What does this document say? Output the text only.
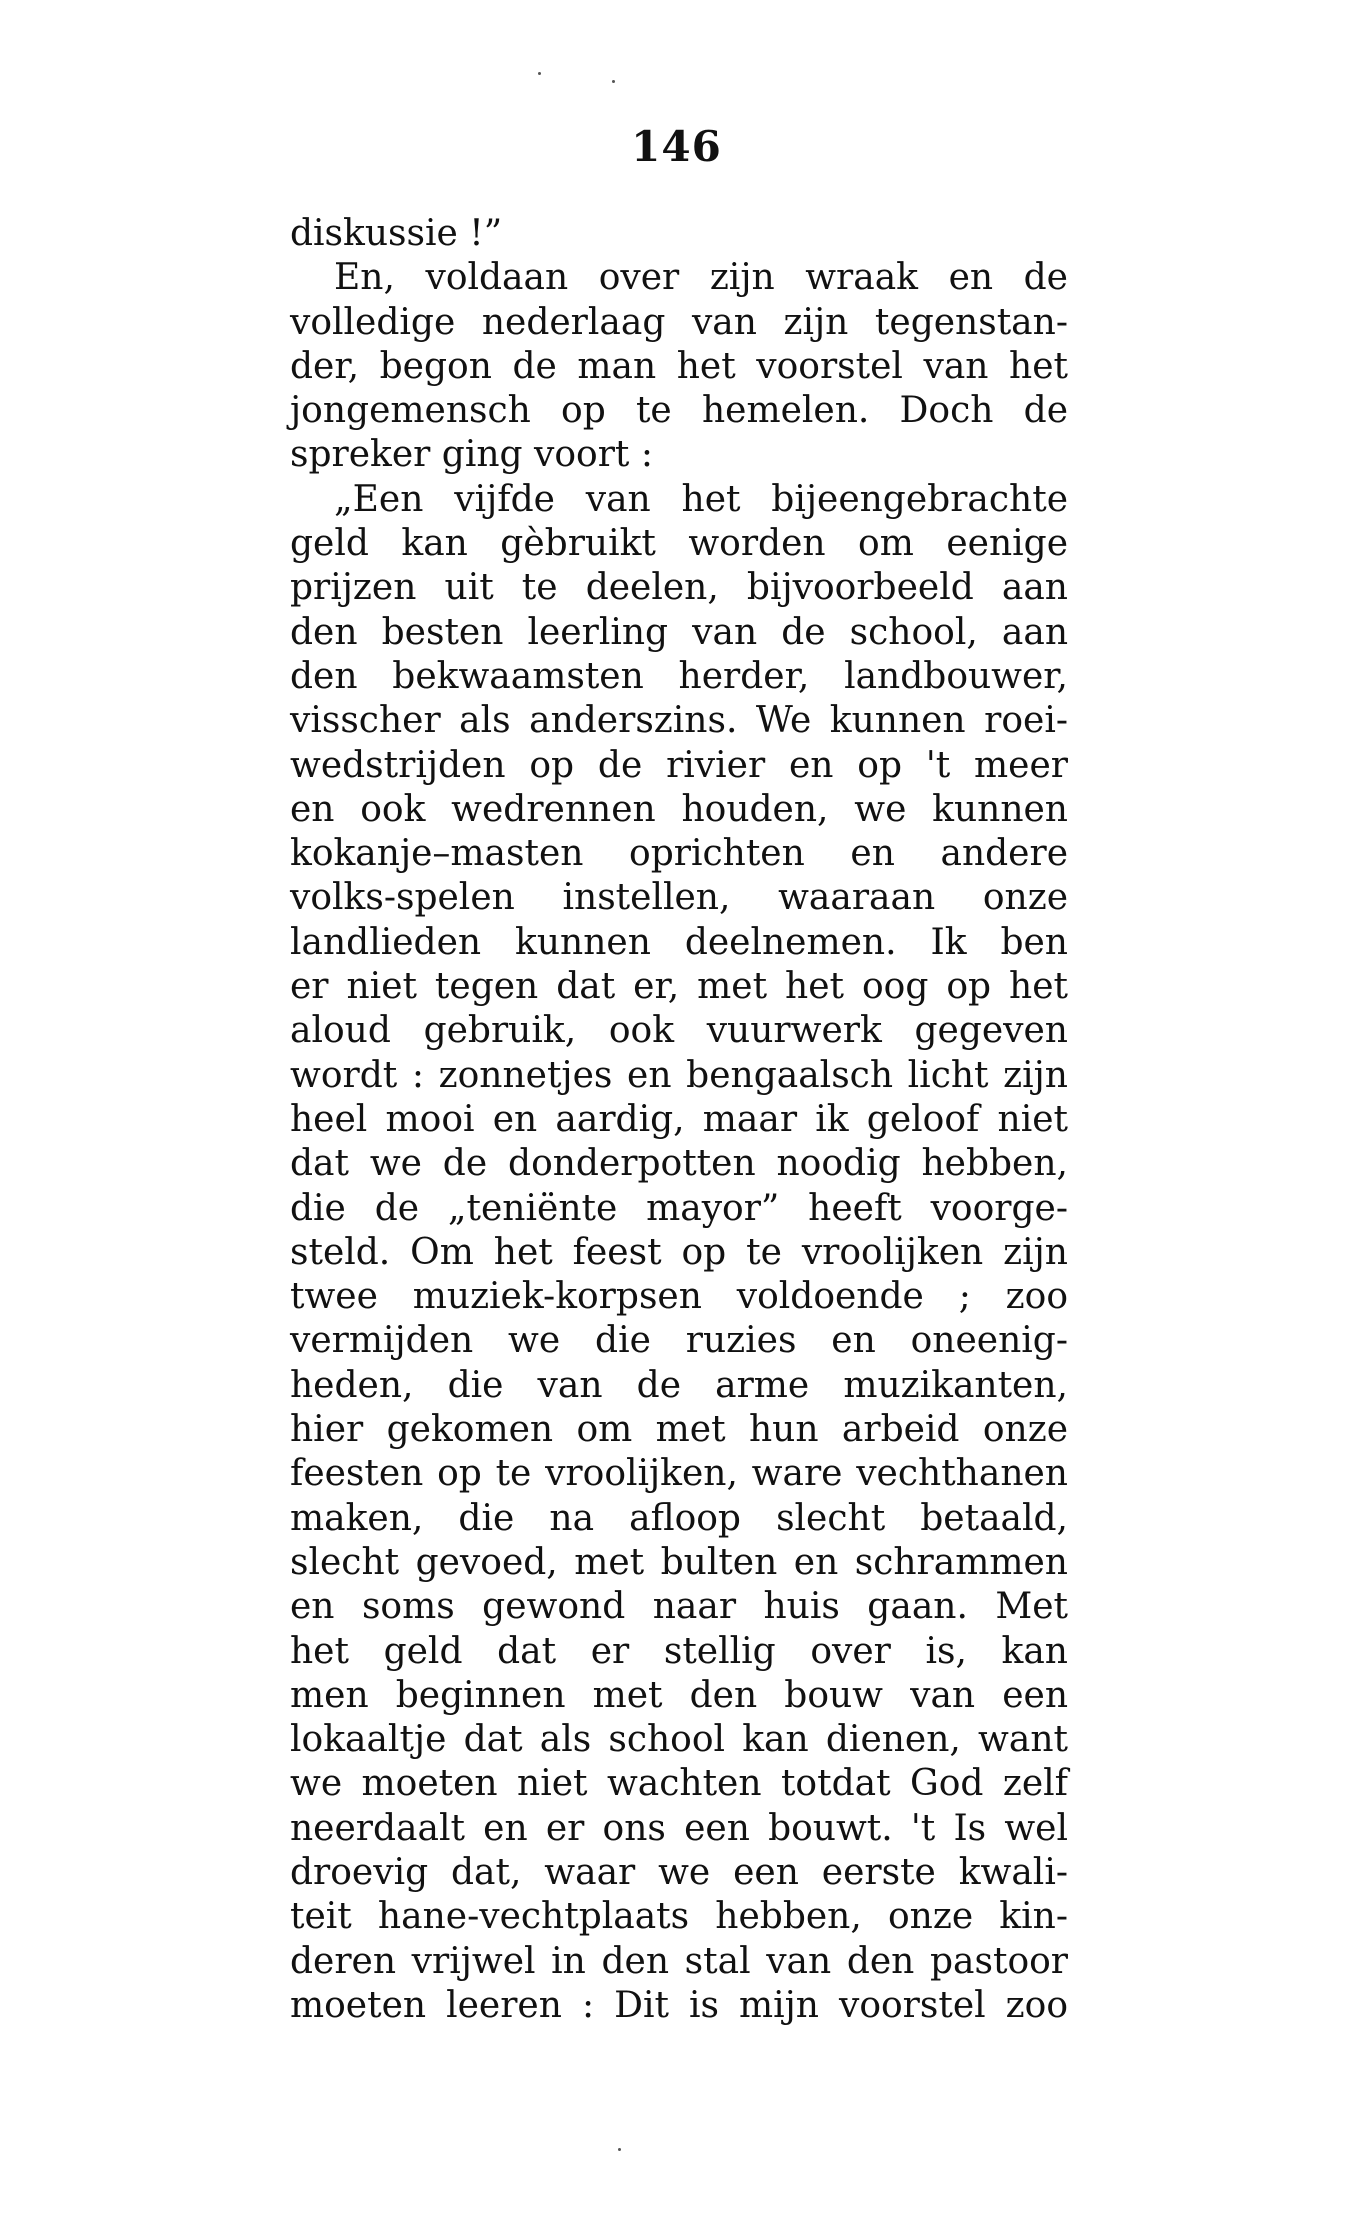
146
diskussie !”
En, voldaan over zijn wraak en de
volledige nederlaag van zijn tegenstan-
der, begon de man het voorstel van het
jongemensch op te hemelen. Doch de
spreker ging voort :
„Een vijfde van het bijeengebrachte
geld kan gèbruikt worden om eenige
prijzen uit te deelen, bijvoorbeeld aan
den besten leerling van de school, aan
den bekwaamsten herder, landbouwer,
visscher als anderszins. We kunnen roei-
wedstrijden op de rivier en op 't meer
en ook wedrennen houden, we kunnen
kokanje–masten oprichten en andere
volks-spelen instellen, waaraan onze
landlieden kunnen deelnemen. Ik ben
er niet tegen dat er, met het oog op het
aloud gebruik, ook vuurwerk gegeven
wordt : zonnetjes en bengaalsch licht zijn
heel mooi en aardig, maar ik geloof niet
dat we de donderpotten noodig hebben,
die de „teniënte mayor” heeft voorge-
steld. Om het feest op te vroolijken zijn
twee muziek-korpsen voldoende ; zoo
vermijden we die ruzies en oneenig-
heden, die van de arme muzikanten,
hier gekomen om met hun arbeid onze
feesten op te vroolijken, ware vechthanen
maken, die na afloop slecht betaald,
slecht gevoed, met bulten en schrammen
en soms gewond naar huis gaan. Met
het geld dat er stellig over is, kan
men beginnen met den bouw van een
lokaaltje dat als school kan dienen, want
we moeten niet wachten totdat God zelf
neerdaalt en er ons een bouwt. 't Is wel
droevig dat, waar we een eerste kwali-
teit hane-vechtplaats hebben, onze kin-
deren vrijwel in den stal van den pastoor
moeten leeren : Dit is mijn voorstel zoo
